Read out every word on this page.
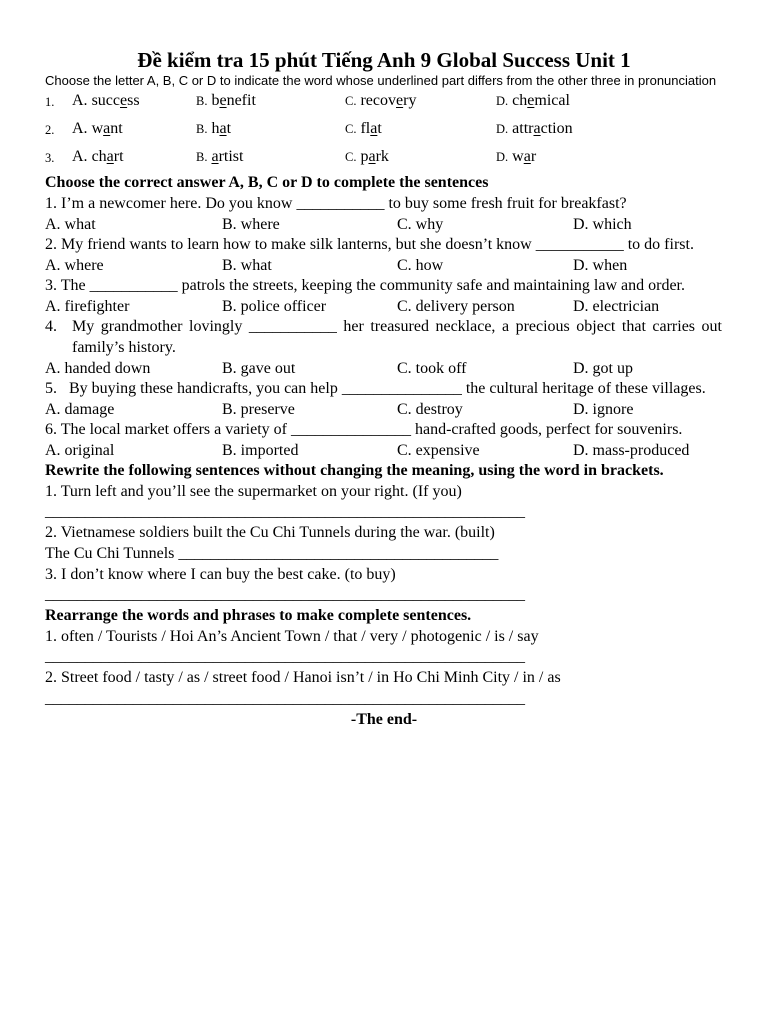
Đề kiểm tra 15 phút Tiếng Anh 9 Global Success Unit 1
Choose the letter A, B, C or D to indicate the word whose underlined part differs from the other three in pronunciation
1. A. success	B. benefit	C. recovery	D. chemical
2. A. want	B. hat	C. flat	D. attraction
3. A. chart	B. artist	C. park	D. war
Choose the correct answer A, B, C or D to complete the sentences
1. I’m a newcomer here. Do you know ___________ to buy some fresh fruit for breakfast?
A. what	B. where	C. why	D. which
2. My friend wants to learn how to make silk lanterns, but she doesn’t know ___________ to do first.
A. where	B. what	C. how	D. when
3. The ___________ patrols the streets, keeping the community safe and maintaining law and order.
A. firefighter	B. police officer	C. delivery person	D. electrician
4. My grandmother lovingly ___________ her treasured necklace, a precious object that carries out family’s history.
A. handed down	B. gave out	C. took off	D. got up
5.   By buying these handicrafts, you can help _______________ the cultural heritage of these villages.
A. damage	B. preserve	C. destroy	D. ignore
6. The local market offers a variety of _______________ hand-crafted goods, perfect for souvenirs.
A. original	B. imported	C. expensive	D. mass-produced
Rewrite the following sentences without changing the meaning, using the word in brackets.
1. Turn left and you’ll see the supermarket on your right. (If you)
____________________________________________________________
2. Vietnamese soldiers built the Cu Chi Tunnels during the war. (built)
The Cu Chi Tunnels ________________________________________
3. I don’t know where I can buy the best cake. (to buy)
____________________________________________________________
Rearrange the words and phrases to make complete sentences.
1. often / Tourists / Hoi An’s Ancient Town / that / very / photogenic / is / say
____________________________________________________________
2. Street food / tasty / as / street food / Hanoi isn’t / in Ho Chi Minh City / in / as
____________________________________________________________
-The end-
